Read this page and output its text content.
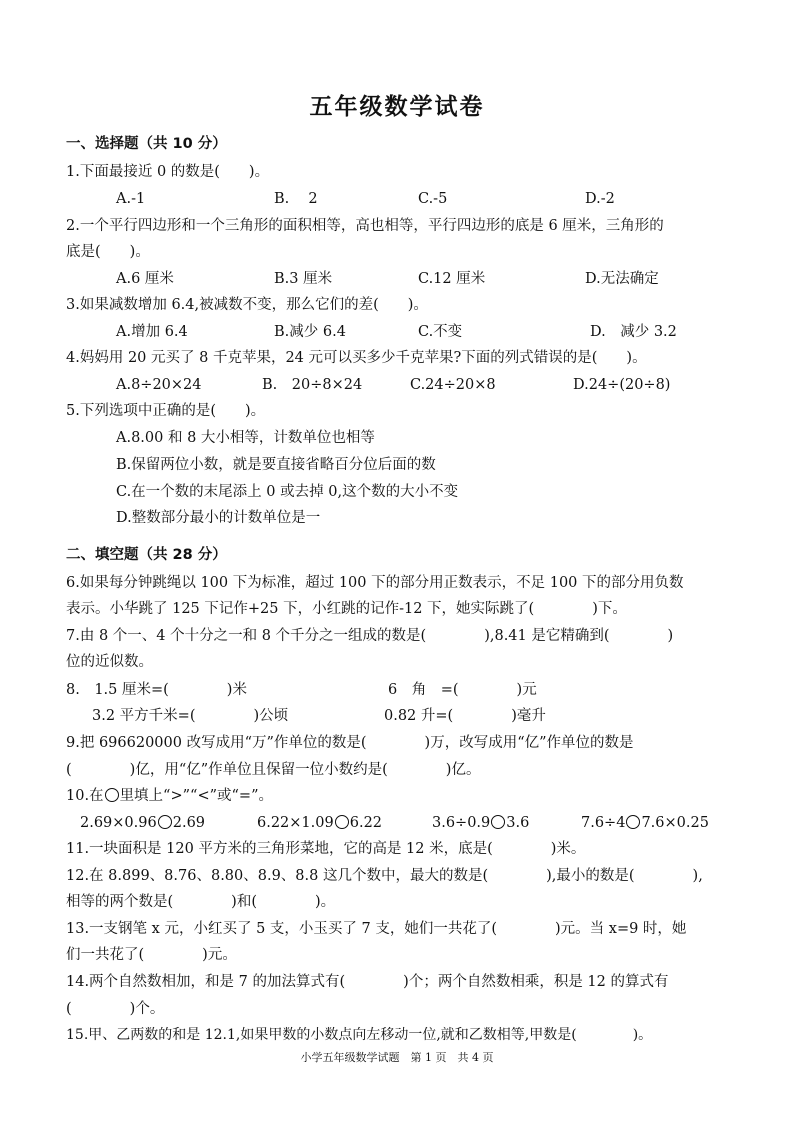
五年级数学试卷
一、选择题（共 10 分）
1.下面最接近 0 的数是(　　)。
A.-1	B.　 2	C.-5	D.-2
2.一个平行四边形和一个三角形的面积相等，高也相等，平行四边形的底是 6 厘米，三角形的
底是(　　)。
A.6 厘米	B.3 厘米	C.12 厘米	D.无法确定
3.如果减数增加 6.4,被减数不变，那么它们的差(　　)。
A.增加 6.4	B.减少 6.4	C.不变	D.　减少 3.2
4.妈妈用 20 元买了 8 千克苹果，24 元可以买多少千克苹果?下面的列式错误的是(　　)。
A.8÷20×24	B.　20÷8×24	C.24÷20×8	D.24÷(20÷8)
5.下列选项中正确的是(　　)。
A.8.00 和 8 大小相等，计数单位也相等
B.保留两位小数，就是要直接省略百分位后面的数
C.在一个数的末尾添上 0 或去掉 0,这个数的大小不变
D.整数部分最小的计数单位是一
二、填空题（共 28 分）
6.如果每分钟跳绳以 100 下为标准，超过 100 下的部分用正数表示，不足 100 下的部分用负数
表示。小华跳了 125 下记作+25 下，小红跳的记作-12 下，她实际跳了(　　　　)下。
7.由 8 个一、4 个十分之一和 8 个千分之一组成的数是(　　　　),8.41 是它精确到(　　　　)
位的近似数。
8.　1.5 厘米=(　　　　)米	6　角　=(　　　　)元
3.2 平方千米=(　　　　)公顷	0.82 升=(　　　　)毫升
9.把 696620000 改写成用“万”作单位的数是(　　　　)万，改写成用“亿”作单位的数是
(　　　　)亿，用“亿”作单位且保留一位小数约是(　　　　)亿。
10.在 里填上“>”“<”或“=”。
2.69×0.96 2.69	6.22×1.09 6.22	3.6÷0.9 3.6	7.6÷4 7.6×0.25
11.一块面积是 120 平方米的三角形菜地，它的高是 12 米，底是(　　　　)米。
12.在 8.899、8.76、8.80、8.9、8.8 这几个数中，最大的数是(　　　　),最小的数是(　　　　),
相等的两个数是(　　　　)和(　　　　)。
13.一支钢笔 x 元，小红买了 5 支，小玉买了 7 支，她们一共花了(　　　　)元。当 x=9 时，她
们一共花了(　　　　)元。
14.两个自然数相加，和是 7 的加法算式有(　　　　)个；两个自然数相乘，积是 12 的算式有
(　　　　)个。
15.甲、乙两数的和是 12.1,如果甲数的小数点向左移动一位,就和乙数相等,甲数是(　　　　)。
小学五年级数学试题　第 1 页　共 4 页
